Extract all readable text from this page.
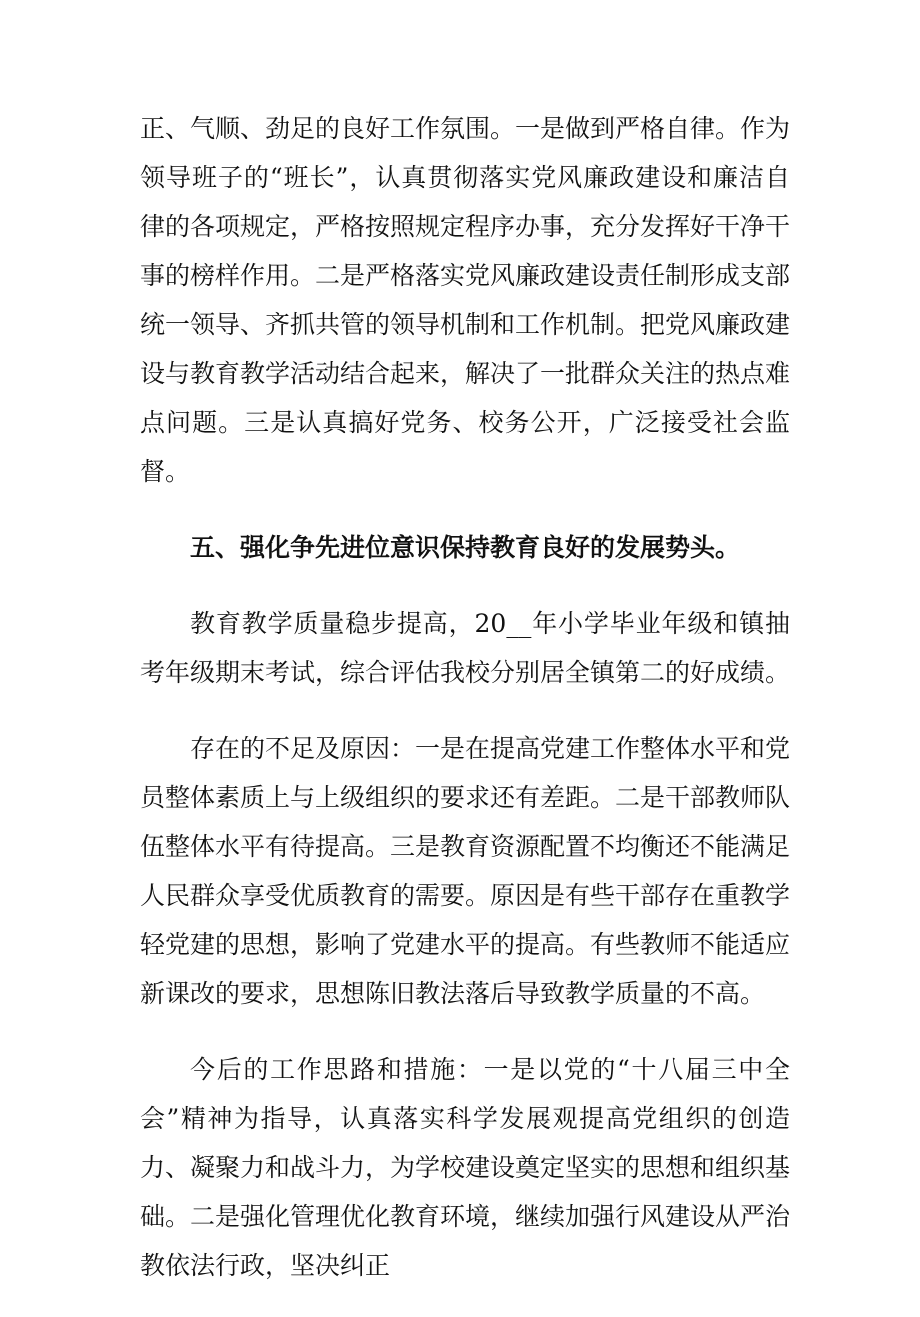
正、气顺、劲足的良好工作氛围。一是做到严格自律。作为领导班子的“班长”，认真贯彻落实党风廉政建设和廉洁自律的各项规定，严格按照规定程序办事，充分发挥好干净干事的榜样作用。二是严格落实党风廉政建设责任制形成支部统一领导、齐抓共管的领导机制和工作机制。把党风廉政建设与教育教学活动结合起来，解决了一批群众关注的热点难点问题。三是认真搞好党务、校务公开，广泛接受社会监督。

五、强化争先进位意识保持教育良好的发展势头。

教育教学质量稳步提高，20__年小学毕业年级和镇抽考年级期末考试，综合评估我校分别居全镇第二的好成绩。

存在的不足及原因：一是在提高党建工作整体水平和党员整体素质上与上级组织的要求还有差距。二是干部教师队伍整体水平有待提高。三是教育资源配置不均衡还不能满足人民群众享受优质教育的需要。原因是有些干部存在重教学轻党建的思想，影响了党建水平的提高。有些教师不能适应新课改的要求，思想陈旧教法落后导致教学质量的不高。

今后的工作思路和措施：一是以党的“十八届三中全会”精神为指导，认真落实科学发展观提高党组织的创造力、凝聚力和战斗力，为学校建设奠定坚实的思想和组织基础。二是强化管理优化教育环境，继续加强行风建设从严治教依法行政，坚决纠正
